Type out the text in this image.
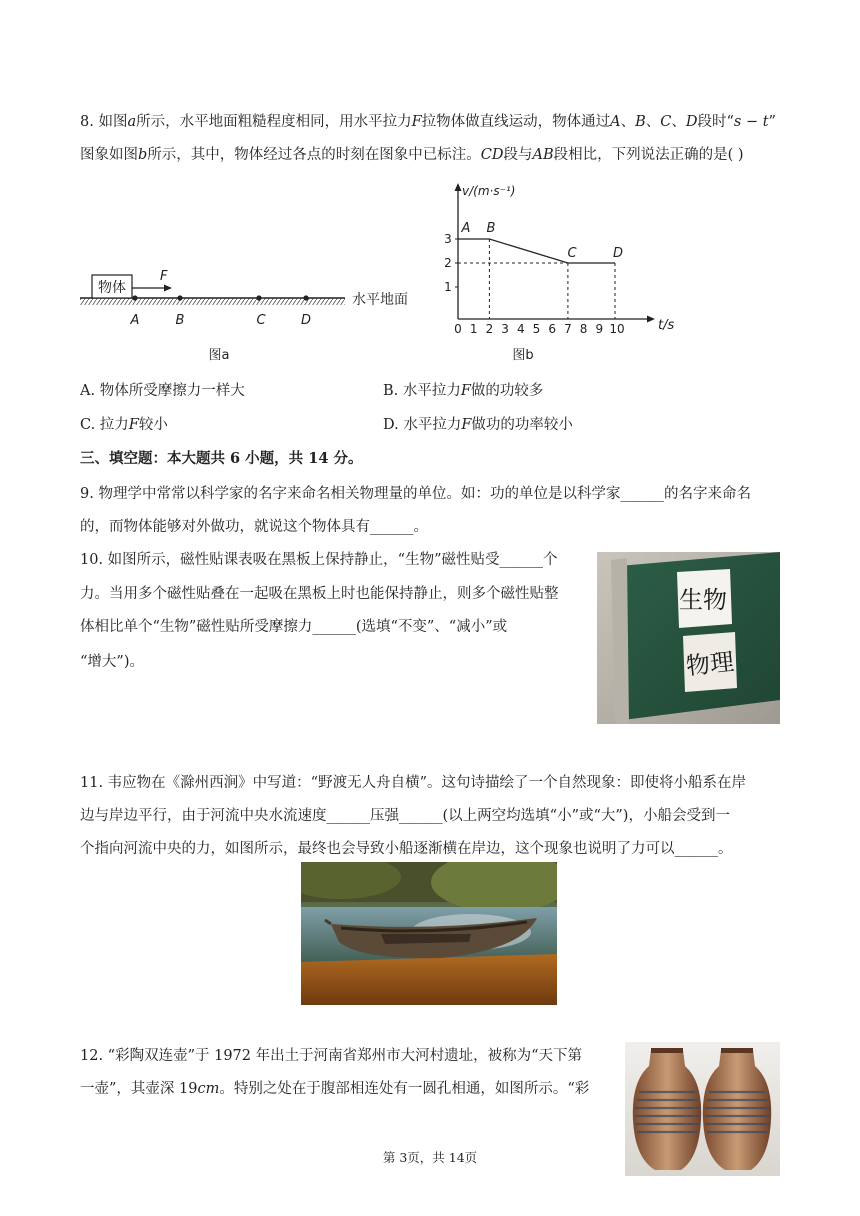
8. 如图𝑎所示，水平地面粗糙程度相同，用水平拉力𝐹拉物体做直线运动，物体通过𝐴、𝐵、𝐶、𝐷段时“𝑠 − 𝑡”
图象如图𝑏所示，其中，物体经过各点的时刻在图象中已标注。𝐶𝐷段与𝐴𝐵段相比，下列说法正确的是( )
物体
F
A	B	C	D
水平地面
图a
v/(m·s⁻¹)
t/s
1
2
3
0 1 2 3 4 5 6 7 8 9 10
A B
C	D
图b
A. 物体所受摩擦力一样大	B. 水平拉力𝐹做的功较多
C. 拉力𝐹较小	D. 水平拉力𝐹做功的功率较小
三、填空题：本大题共 6 小题，共 14 分。
9. 物理学中常常以科学家的名字来命名相关物理量的单位。如：功的单位是以科学家______的名字来命名
的，而物体能够对外做功，就说这个物体具有______。
10. 如图所示，磁性贴课表吸在黑板上保持静止，“生物”磁性贴受______个
力。当用多个磁性贴叠在一起吸在黑板上时也能保持静止，则多个磁性贴整
体相比单个“生物”磁性贴所受摩擦力______(选填“不变”、“减小”或
“增大”)。
生物
物理
11. 韦应物在《滁州西涧》中写道：“野渡无人舟自横”。这句诗描绘了一个自然现象：即使将小船系在岸
边与岸边平行，由于河流中央水流速度______压强______(以上两空均选填“小”或“大”)，小船会受到一
个指向河流中央的力，如图所示，最终也会导致小船逐渐横在岸边，这个现象也说明了力可以______。
12. “彩陶双连壶”于 1972 年出土于河南省郑州市大河村遗址，被称为“天下第
一壶”，其壶深 19𝑐𝑚。特别之处在于腹部相连处有一圆孔相通，如图所示。“彩
第 3页，共 14页
